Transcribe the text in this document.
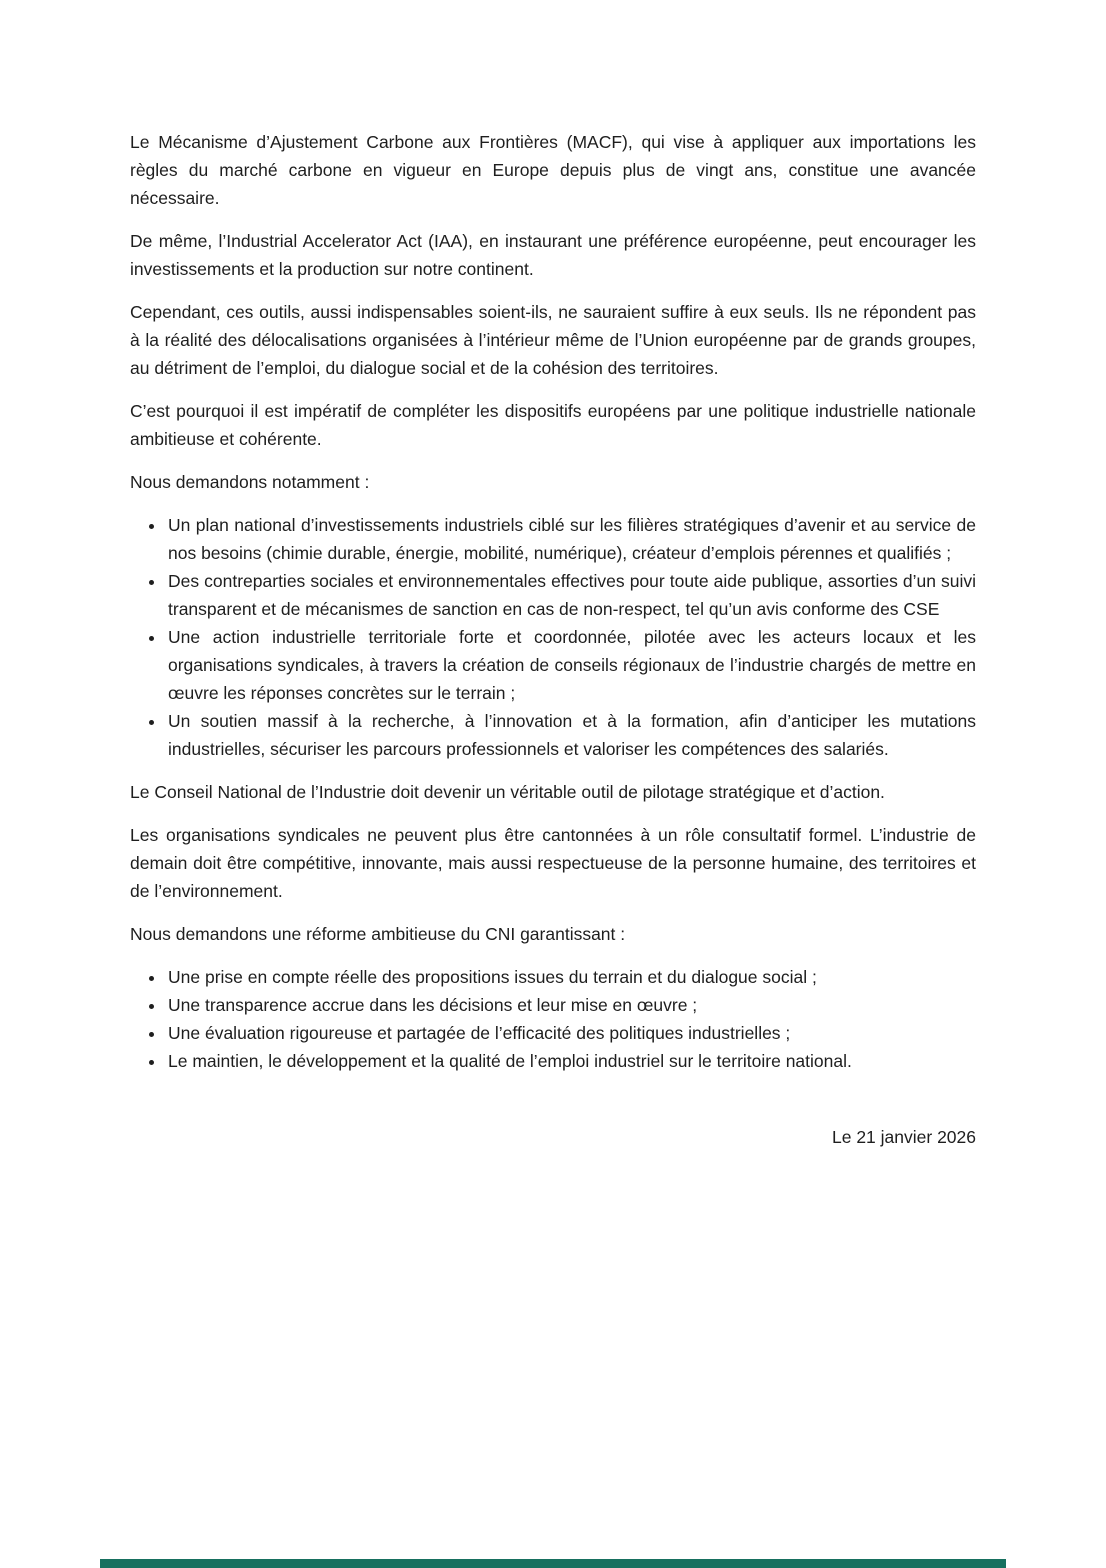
Le Mécanisme d’Ajustement Carbone aux Frontières (MACF), qui vise à appliquer aux importations les règles du marché carbone en vigueur en Europe depuis plus de vingt ans, constitue une avancée nécessaire.

De même, l’Industrial Accelerator Act (IAA), en instaurant une préférence européenne, peut encourager les investissements et la production sur notre continent.

Cependant, ces outils, aussi indispensables soient-ils, ne sauraient suffire à eux seuls. Ils ne répondent pas à la réalité des délocalisations organisées à l’intérieur même de l’Union européenne par de grands groupes, au détriment de l’emploi, du dialogue social et de la cohésion des territoires.

C’est pourquoi il est impératif de compléter les dispositifs européens par une politique industrielle nationale ambitieuse et cohérente.

Nous demandons notamment :

• Un plan national d’investissements industriels ciblé sur les filières stratégiques d’avenir et au service de nos besoins (chimie durable, énergie, mobilité, numérique), créateur d’emplois pérennes et qualifiés ;
• Des contreparties sociales et environnementales effectives pour toute aide publique, assorties d’un suivi transparent et de mécanismes de sanction en cas de non-respect, tel qu’un avis conforme des CSE
• Une action industrielle territoriale forte et coordonnée, pilotée avec les acteurs locaux et les organisations syndicales, à travers la création de conseils régionaux de l’industrie chargés de mettre en œuvre les réponses concrètes sur le terrain ;
• Un soutien massif à la recherche, à l’innovation et à la formation, afin d’anticiper les mutations industrielles, sécuriser les parcours professionnels et valoriser les compétences des salariés.

Le Conseil National de l’Industrie doit devenir un véritable outil de pilotage stratégique et d’action.

Les organisations syndicales ne peuvent plus être cantonnées à un rôle consultatif formel. L’industrie de demain doit être compétitive, innovante, mais aussi respectueuse de la personne humaine, des territoires et de l’environnement.

Nous demandons une réforme ambitieuse du CNI garantissant :

• Une prise en compte réelle des propositions issues du terrain et du dialogue social ;
• Une transparence accrue dans les décisions et leur mise en œuvre ;
• Une évaluation rigoureuse et partagée de l’efficacité des politiques industrielles ;
• Le maintien, le développement et la qualité de l’emploi industriel sur le territoire national.

Le 21 janvier 2026
